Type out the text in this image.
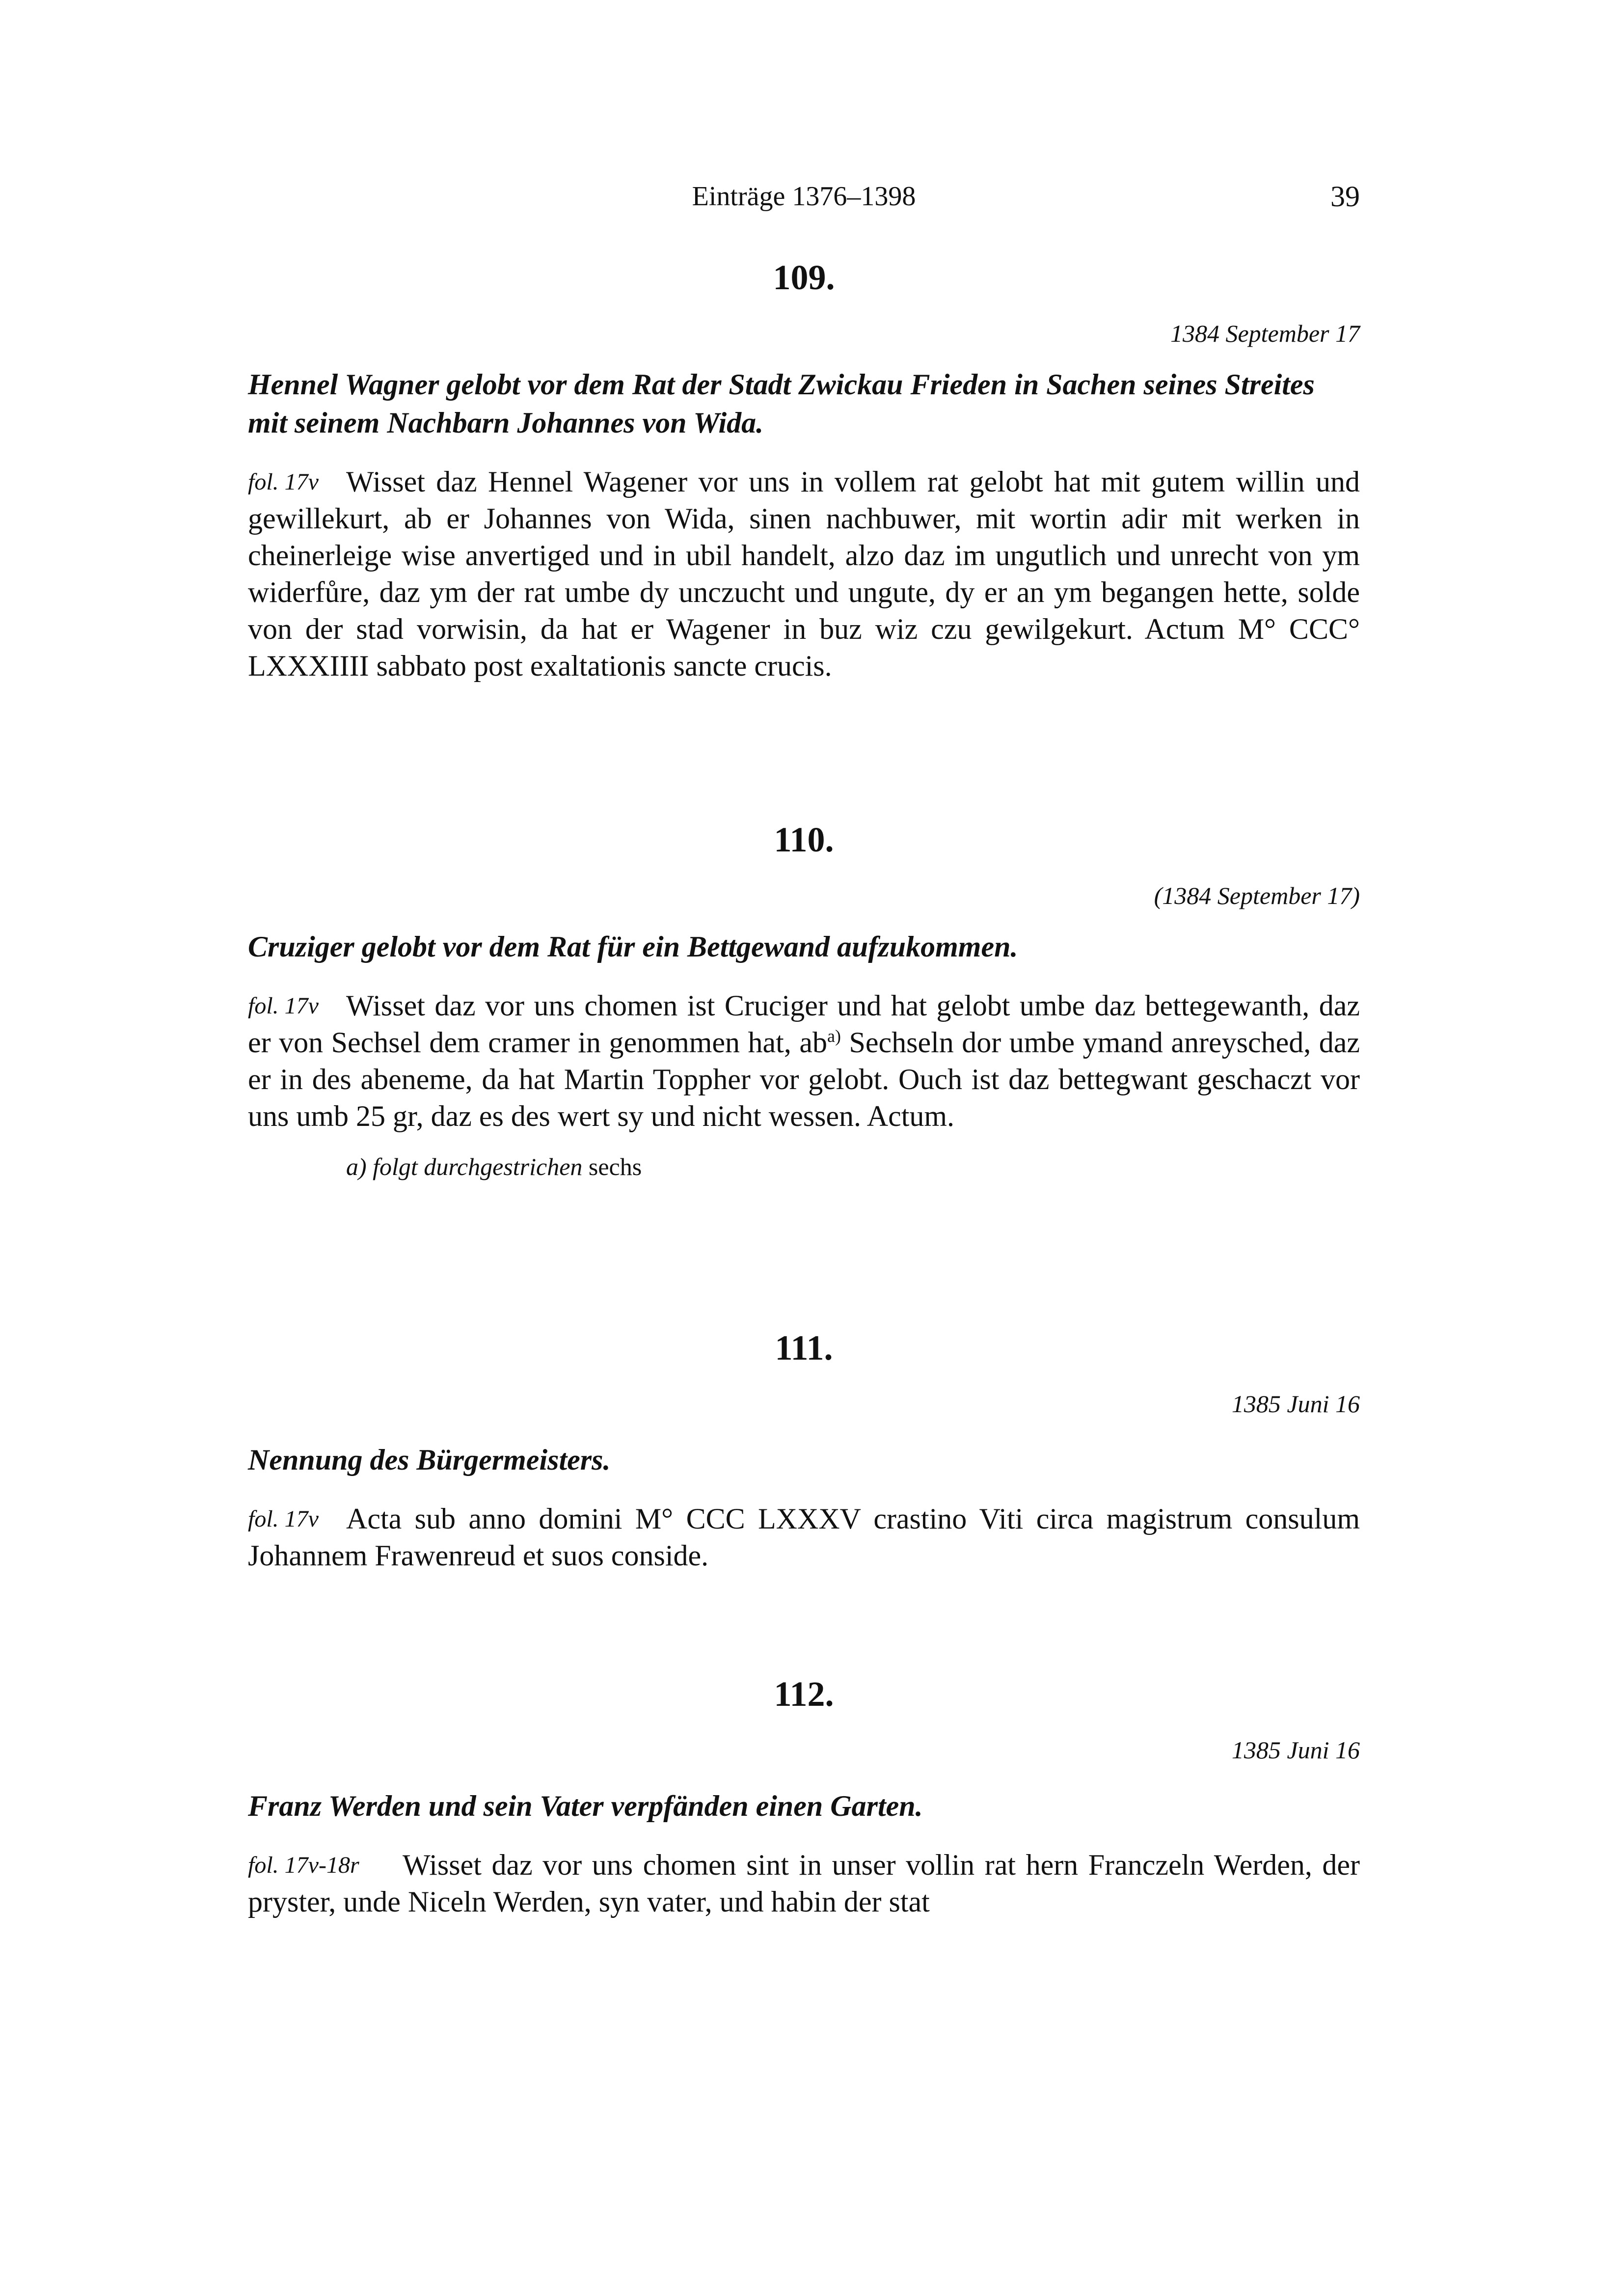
Einträge 1376–1398	39

109.

1384 September 17

Hennel Wagner gelobt vor dem Rat der Stadt Zwickau Frieden in Sachen seines Streites mit seinem Nachbarn Johannes von Wida.

fol. 17v Wisset daz Hennel Wagener vor uns in vollem rat gelobt hat mit gutem willin und gewillekurt, ab er Johannes von Wida, sinen nachbuwer, mit wortin adir mit werken in cheinerleige wise anvertiged und in ubil handelt, alzo daz im ungutlich und unrecht von ym widerfůre, daz ym der rat umbe dy unczucht und ungute, dy er an ym begangen hette, solde von der stad vorwisin, da hat er Wagener in buz wiz czu gewilgekurt. Actum M° CCC° LXXXIIII sabbato post exaltationis sancte crucis.

110.

(1384 September 17)

Cruziger gelobt vor dem Rat für ein Bettgewand aufzukommen.

fol. 17v Wisset daz vor uns chomen ist Cruciger und hat gelobt umbe daz bettegewanth, daz er von Sechsel dem cramer in genommen hat, $ab^{a)}$ Sechseln dor umbe ymand anreysched, daz er in des abeneme, da hat Martin Toppher vor gelobt. Ouch ist daz bettegwant geschaczt vor uns umb 25 gr, daz es des wert sy und nicht wessen. Actum.

a) folgt durchgestrichen sechs

111.

1385 Juni 16

Nennung des Bürgermeisters.

fol. 17v Acta sub anno domini M° CCC LXXXV crastino Viti circa magistrum consulum Johannem Frawenreud et suos conside.

112.

1385 Juni 16

Franz Werden und sein Vater verpfänden einen Garten.

fol. 17v-18r	Wisset daz vor uns chomen sint in unser vollin rat hern Franczeln Werden, der pryster, unde Niceln Werden, syn vater, und habin der stat
